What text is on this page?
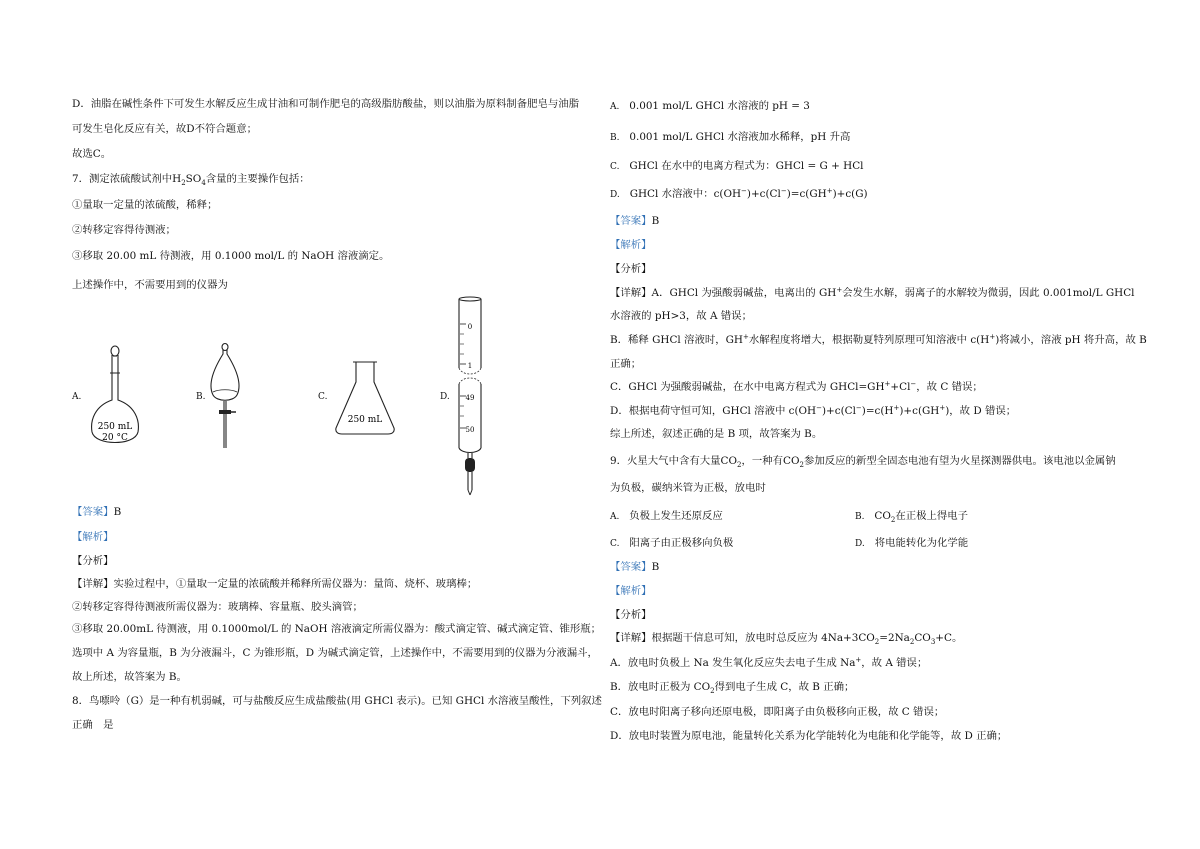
D．油脂在碱性条件下可发生水解反应生成甘油和可制作肥皂的高级脂肪酸盐，则以油脂为原料制备肥皂与油脂
可发生皂化反应有关，故D不符合题意；
故选C。
7．测定浓硫酸试剂中$H_2SO_4$含量的主要操作包括：
①量取一定量的浓硫酸，稀释；
②转移定容得待测液；
③移取 20.00 mL 待测液，用 0.1000 mol/L 的 NaOH 溶液滴定。
上述操作中，不需要用到的仪器为
A.
250 mL
20 °C
B.	C.
250 mL
D.
0
1
49
50
【答案】B
【解析】
【分析】
【详解】实验过程中，①量取一定量的浓硫酸并稀释所需仪器为：量筒、烧杯、玻璃棒；
②转移定容得待测液所需仪器为：玻璃棒、容量瓶、胶头滴管；
③移取 20.00mL 待测液，用 0.1000mol/L 的 NaOH 溶液滴定所需仪器为：酸式滴定管、碱式滴定管、锥形瓶；
选项中 A 为容量瓶，B 为分液漏斗，C 为锥形瓶，D 为碱式滴定管，上述操作中，不需要用到的仪器为分液漏斗，
故上所述，故答案为 B。
8．鸟嘌呤（G）是一种有机弱碱，可与盐酸反应生成盐酸盐(用 GHCl 表示)。已知 GHCl 水溶液呈酸性，下列叙述
正确　是
A. 0.001 mol/L GHCl 水溶液的 pH = 3
B. 0.001 mol/L GHCl 水溶液加水稀释，pH 升高
C. GHCl 在水中的电离方程式为：GHCl = G + HCl
D. GHCl 水溶液中：c(OH−)+c(Cl−)=c(GH+)+c(G)
【答案】B
【解析】
【分析】
【详解】A．GHCl 为强酸弱碱盐，电离出的 GH+会发生水解，弱离子的水解较为微弱，因此 0.001mol/L GHCl
水溶液的 pH>3，故 A 错误；
B．稀释 GHCl 溶液时，GH+水解程度将增大，根据勒夏特列原理可知溶液中 c(H+)将减小，溶液 pH 将升高，故 B
正确；
C．GHCl 为强酸弱碱盐，在水中电离方程式为 GHCl=GH++Cl−，故 C 错误；
D．根据电荷守恒可知，GHCl 溶液中 c(OH−)+c(Cl−)=c(H+)+c(GH+)，故 D 错误；
综上所述，叙述正确的是 B 项，故答案为 B。
9．火星大气中含有大量$CO_2$，一种有$CO_2$参加反应的新型全固态电池有望为火星探测器供电。该电池以金属钠
为负极，碳纳米管为正极，放电时
A. 负极上发生还原反应	B. $CO_2$在正极上得电子
C. 阳离子由正极移向负极	D. 将电能转化为化学能
【答案】B
【解析】
【分析】
【详解】根据题干信息可知，放电时总反应为 $4Na+3CO_2=2Na_2CO_3+C$。
A．放电时负极上 Na 发生氧化反应失去电子生成 Na+，故 A 错误；
B．放电时正极为 $CO_2$得到电子生成 C，故 B 正确；
C．放电时阳离子移向还原电极，即阳离子由负极移向正极，故 C 错误；
D．放电时装置为原电池，能量转化关系为化学能转化为电能和化学能等，故 D 正确；
